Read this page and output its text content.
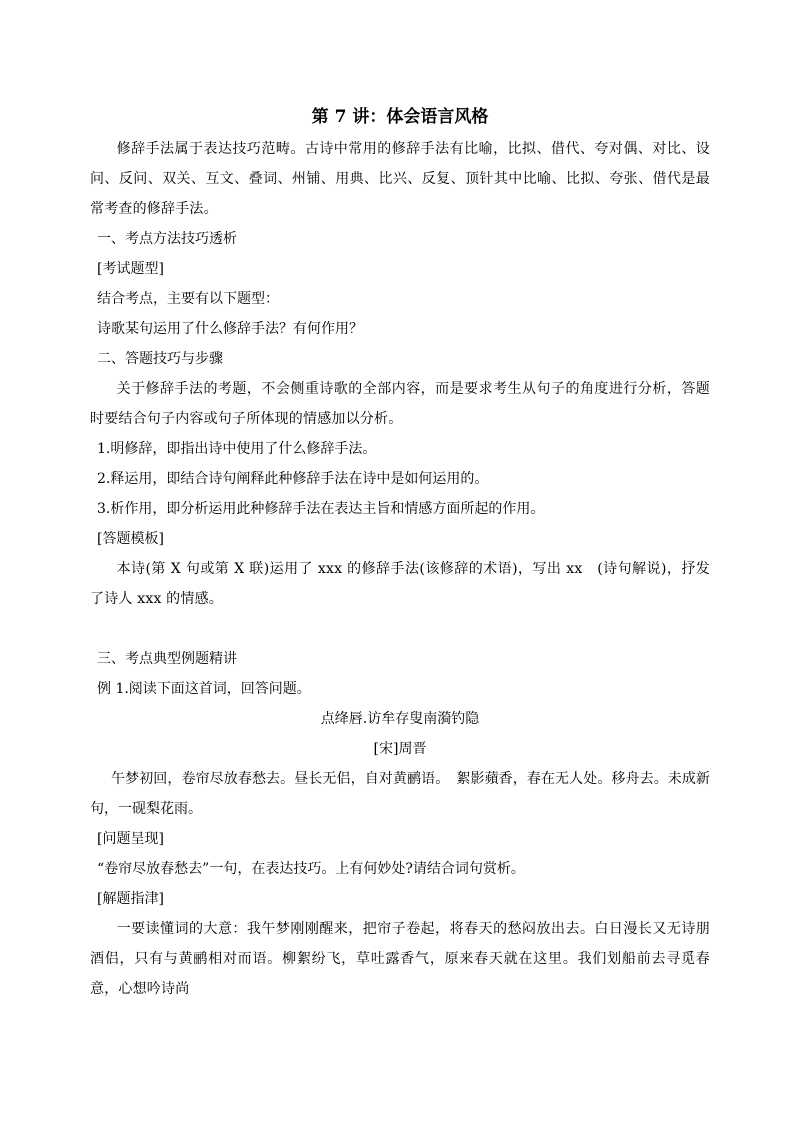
第 7 讲：体会语言风格

修辞手法属于表达技巧范畴。古诗中常用的修辞手法有比喻，比拟、借代、夸对偶、对比、设问、反问、双关、互文、叠词、州铺、用典、比兴、反复、顶针其中比喻、比拟、夸张、借代是最常考查的修辞手法。

一、考点方法技巧透析

[考试题型]

结合考点，主要有以下题型：

诗歌某句运用了什么修辞手法？有何作用？

二、答题技巧与步骤

关于修辞手法的考题，不会侧重诗歌的全部内容，而是要求考生从句子的角度进行分析，答题时要结合句子内容或句子所体现的情感加以分析。

1.明修辞，即指出诗中使用了什么修辞手法。

2.释运用，即结合诗句阐释此种修辞手法在诗中是如何运用的。

3.析作用，即分析运用此种修辞手法在表达主旨和情感方面所起的作用。

[答题模板]

本诗(第 X 句或第 X 联)运用了 xxx 的修辞手法(该修辞的术语)，写出 xx　(诗句解说)，抒发了诗人 xxx 的情感。

三、考点典型例题精讲

例 1.阅读下面这首词，回答问题。

点绛唇.访牟存叟南漪钓隐

[宋]周晋

午梦初回，卷帘尽放春愁去。昼长无侣，自对黄鹂语。　絮影蘋香，春在无人处。移舟去。未成新句，一砚梨花雨。

[问题呈现]

“卷帘尽放春愁去”一句，在表达技巧。上有何妙处?请结合词句赏析。

[解题指津]

一要读懂词的大意：我午梦刚刚醒来，把帘子卷起，将春天的愁闷放出去。白日漫长又无诗朋酒侣，只有与黄鹂相对而语。柳絮纷飞，草吐露香气，原来春天就在这里。我们划船前去寻觅春意，心想吟诗尚
